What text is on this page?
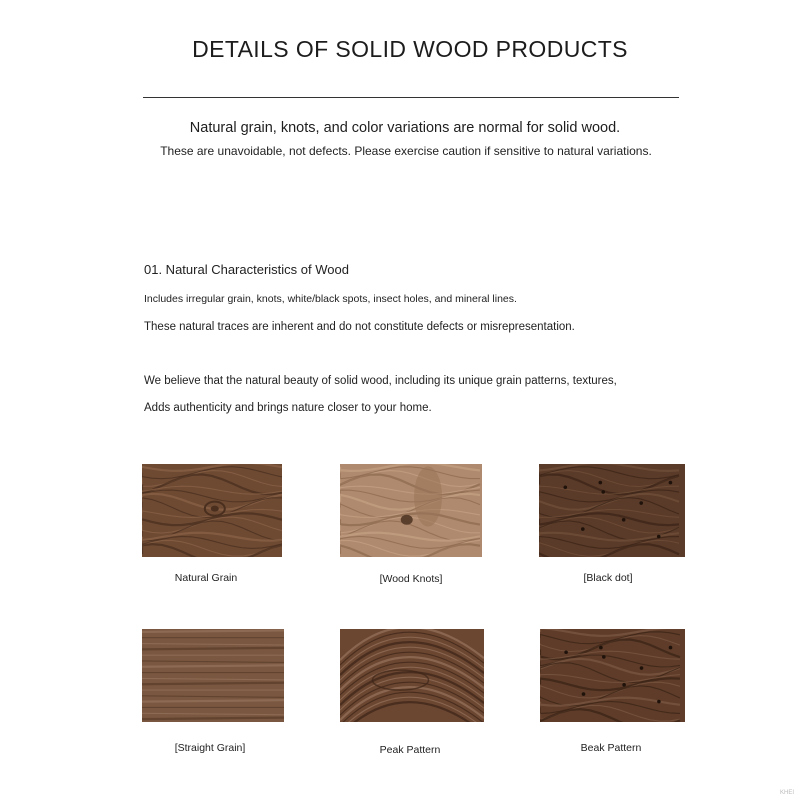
DETAILS OF SOLID WOOD PRODUCTS
Natural grain, knots, and color variations are normal for solid wood.
These are unavoidable, not defects. Please exercise caution if sensitive to natural variations.
01. Natural Characteristics of Wood
Includes irregular grain, knots, white/black spots, insect holes, and mineral lines.
These natural traces are inherent and do not constitute defects or misrepresentation.
We believe that the natural beauty of solid wood, including its unique grain patterns, textures,
Adds authenticity and brings nature closer to your home.
Natural Grain	[Wood Knots]	[Black dot]
[Straight Grain]	Peak Pattern	Beak Pattern
KHEI
